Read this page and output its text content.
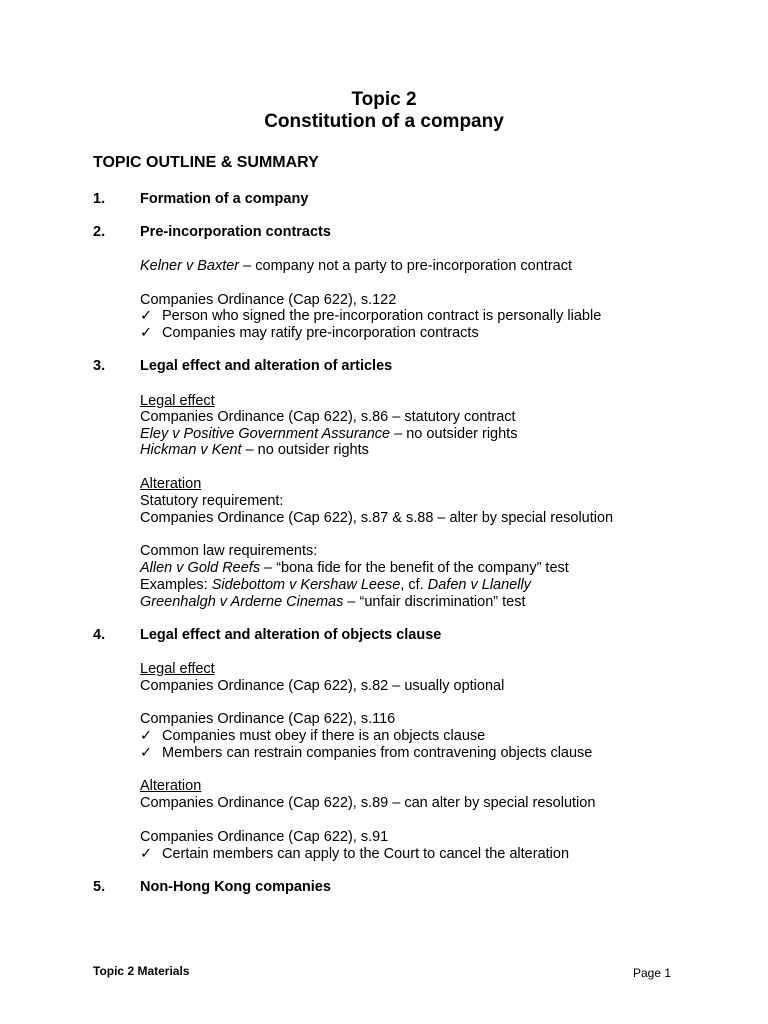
Topic 2
Constitution of a company
TOPIC OUTLINE & SUMMARY
1. Formation of a company
2. Pre-incorporation contracts
Kelner v Baxter – company not a party to pre-incorporation contract
Companies Ordinance (Cap 622), s.122
✓ Person who signed the pre-incorporation contract is personally liable
✓ Companies may ratify pre-incorporation contracts
3. Legal effect and alteration of articles
Legal effect
Companies Ordinance (Cap 622), s.86 – statutory contract
Eley v Positive Government Assurance – no outsider rights
Hickman v Kent – no outsider rights
Alteration
Statutory requirement:
Companies Ordinance (Cap 622), s.87 & s.88 – alter by special resolution
Common law requirements:
Allen v Gold Reefs – “bona fide for the benefit of the company” test
Examples: Sidebottom v Kershaw Leese, cf. Dafen v Llanelly
Greenhalgh v Arderne Cinemas – “unfair discrimination” test
4. Legal effect and alteration of objects clause
Legal effect
Companies Ordinance (Cap 622), s.82 – usually optional
Companies Ordinance (Cap 622), s.116
✓ Companies must obey if there is an objects clause
✓ Members can restrain companies from contravening objects clause
Alteration
Companies Ordinance (Cap 622), s.89 – can alter by special resolution
Companies Ordinance (Cap 622), s.91
✓ Certain members can apply to the Court to cancel the alteration
5. Non-Hong Kong companies
Topic 2 Materials	Page 1
